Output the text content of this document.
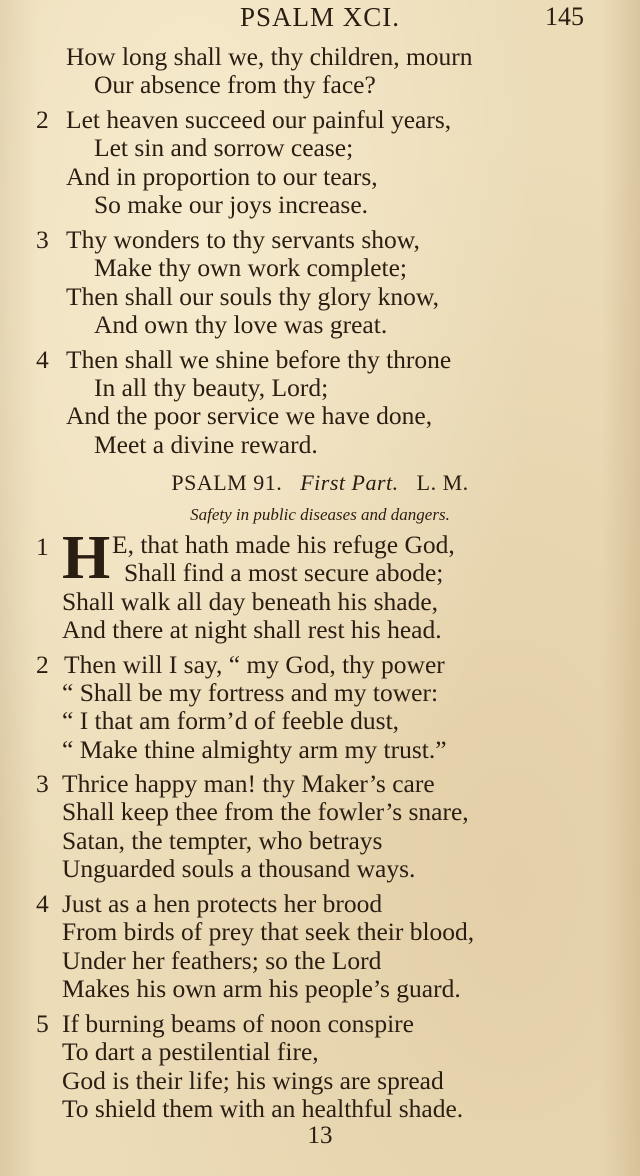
PSALM XCI.	145
How long shall we, thy children, mourn
Our absence from thy face?
2 Let heaven succeed our painful years,
Let sin and sorrow cease;
And in proportion to our tears,
So make our joys increase.
3 Thy wonders to thy servants show,
Make thy own work complete;
Then shall our souls thy glory know,
And own thy love was great.
4 Then shall we shine before thy throne
In all thy beauty, Lord;
And the poor service we have done,
Meet a divine reward.
PSALM 91. First Part. L. M.
Safety in public diseases and dangers.
1 H E, that hath made his refuge God,
Shall find a most secure abode;
Shall walk all day beneath his shade,
And there at night shall rest his head.
2 Then will I say, “ my God, thy power
“ Shall be my fortress and my tower:
“ I that am form’d of feeble dust,
“ Make thine almighty arm my trust.”
3 Thrice happy man! thy Maker’s care
Shall keep thee from the fowler’s snare,
Satan, the tempter, who betrays
Unguarded souls a thousand ways.
4 Just as a hen protects her brood
From birds of prey that seek their blood,
Under her feathers; so the Lord
Makes his own arm his people’s guard.
5 If burning beams of noon conspire
To dart a pestilential fire,
God is their life; his wings are spread
To shield them with an healthful shade.
13
